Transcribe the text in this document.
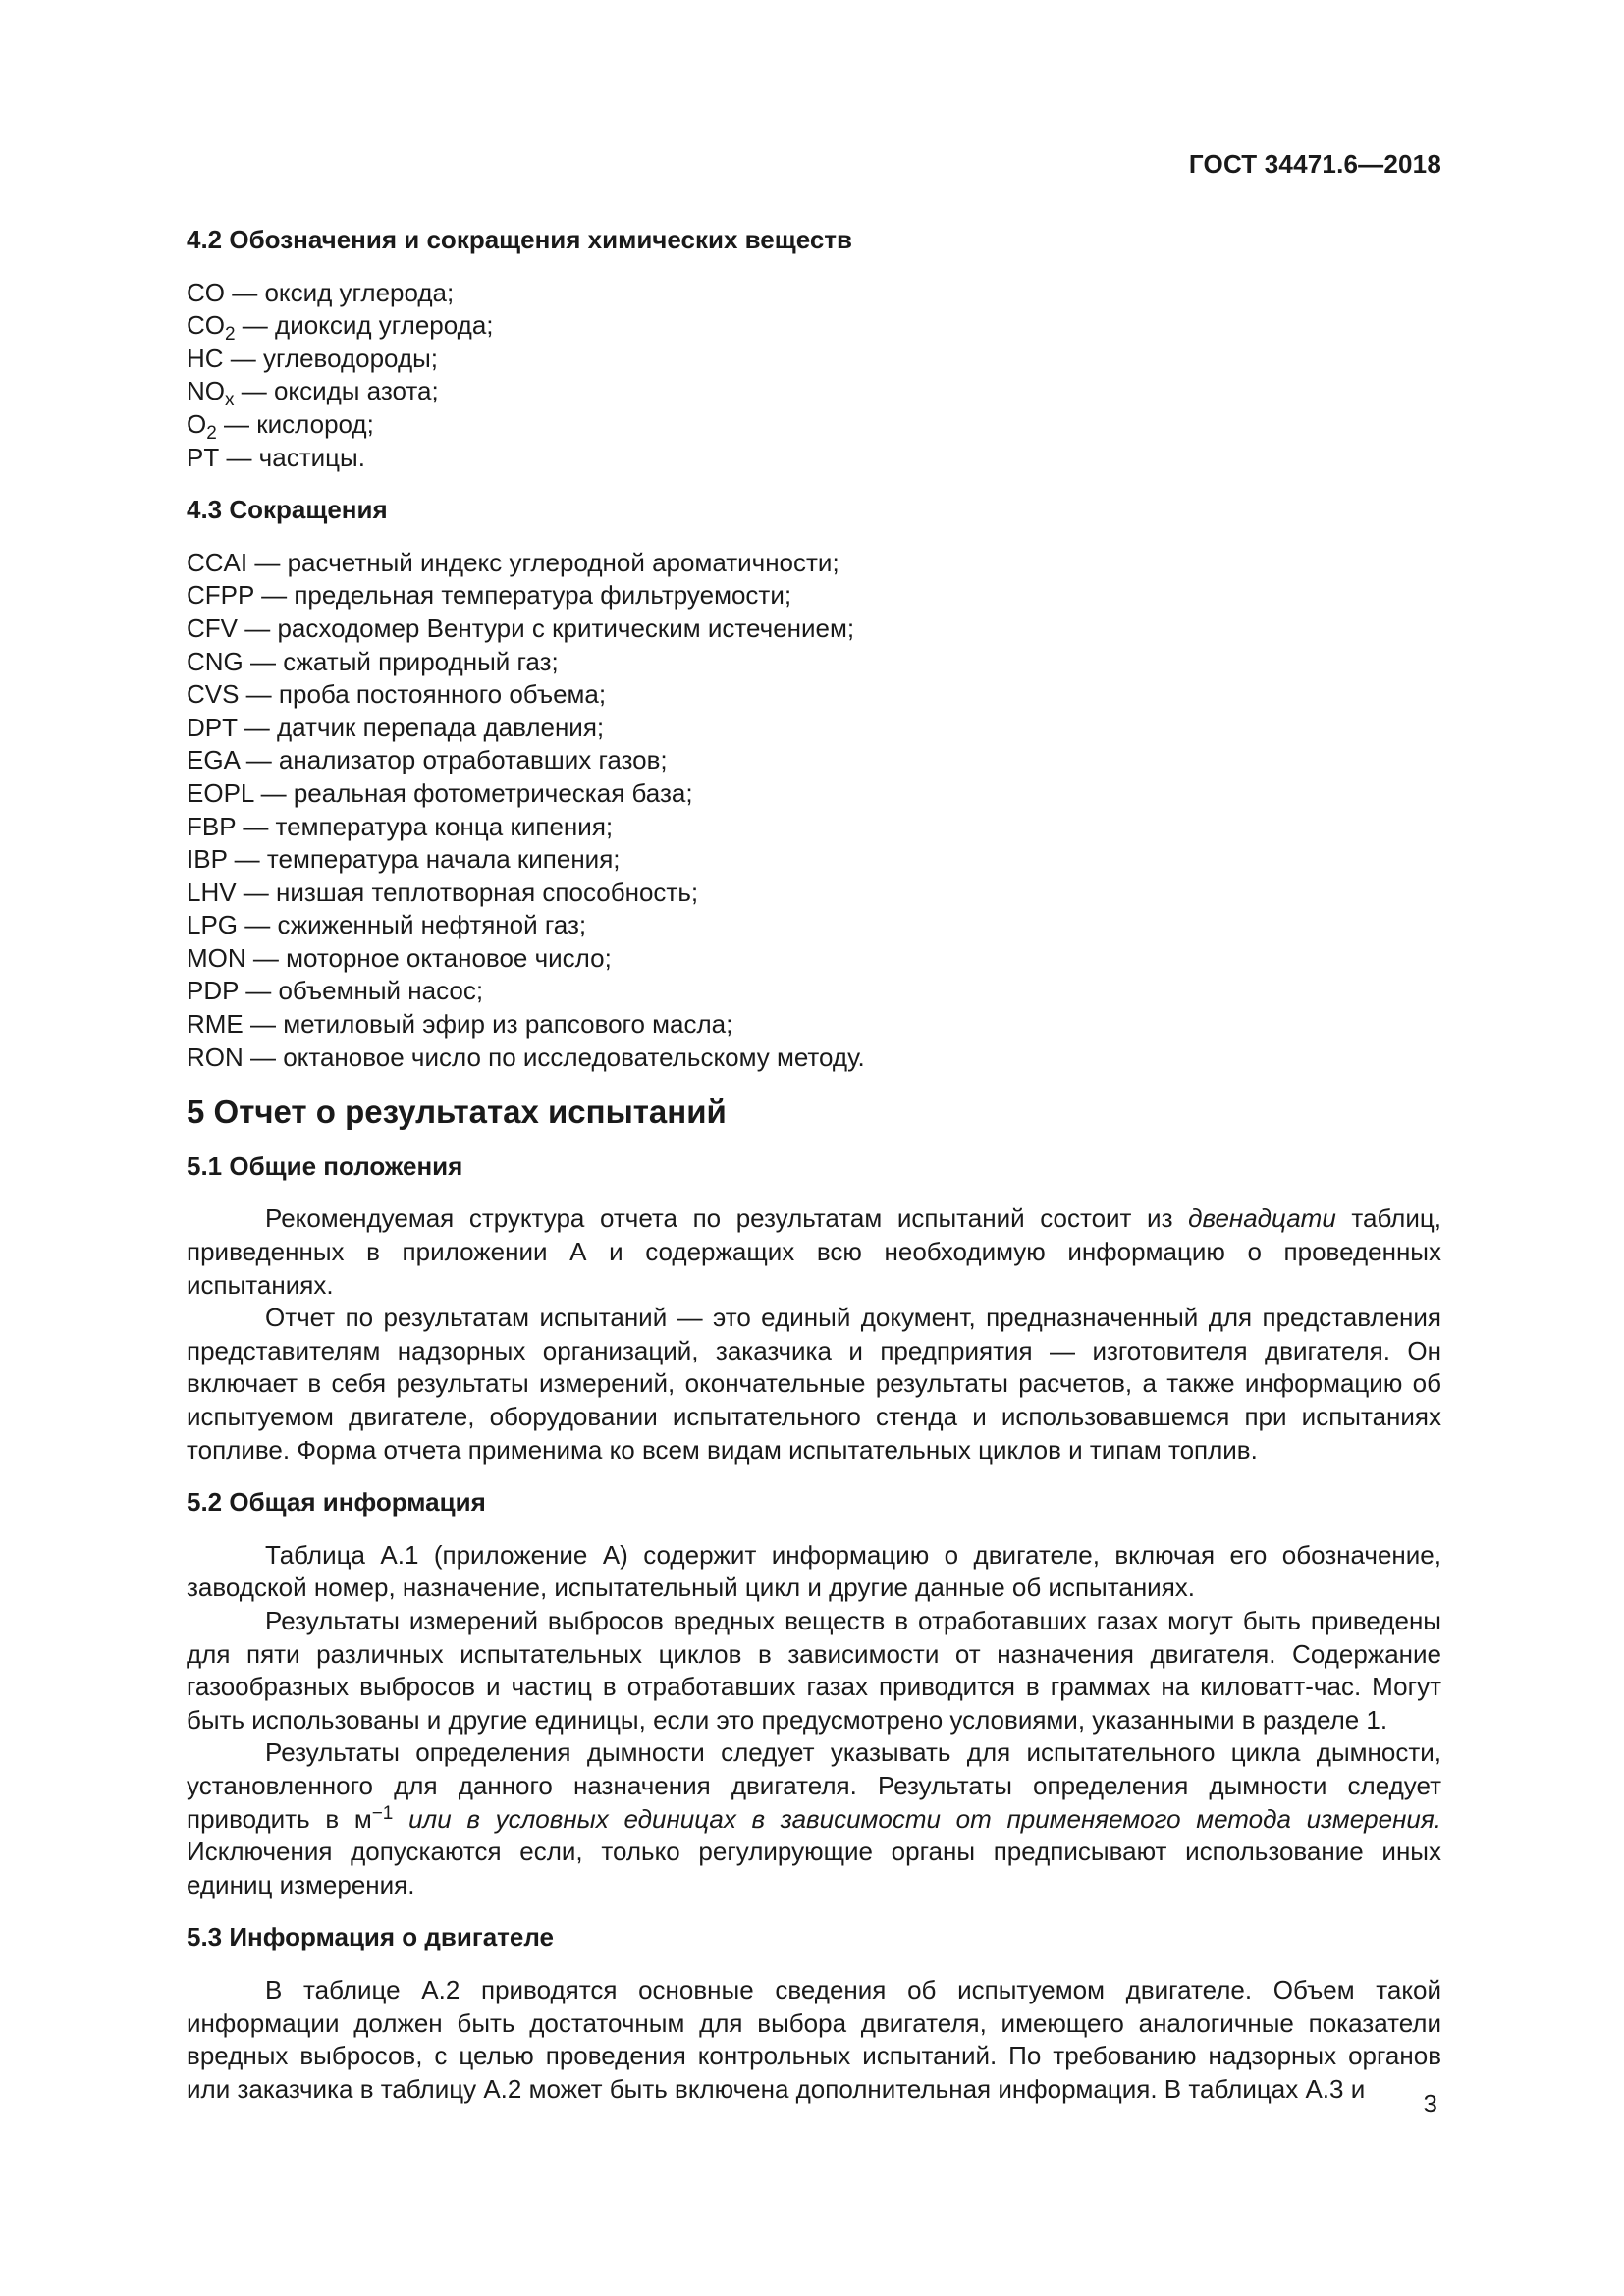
ГОСТ 34471.6—2018
4.2 Обозначения и сокращения химических веществ
CO — оксид углерода;
$CO_2$ — диоксид углерода;
HC — углеводороды;
$NO_x$ — оксиды азота;
$O_2$ — кислород;
PT — частицы.
4.3 Сокращения
CCAI — расчетный индекс углеродной ароматичности;
CFPP — предельная температура фильтруемости;
CFV — расходомер Вентури с критическим истечением;
CNG — сжатый природный газ;
CVS — проба постоянного объема;
DPT — датчик перепада давления;
EGA — анализатор отработавших газов;
EOPL — реальная фотометрическая база;
FBP — температура конца кипения;
IBP — температура начала кипения;
LHV — низшая теплотворная способность;
LPG — сжиженный нефтяной газ;
MON — моторное октановое число;
PDP — объемный насос;
RME — метиловый эфир из рапсового масла;
RON — октановое число по исследовательскому методу.
5 Отчет о результатах испытаний
5.1 Общие положения

Рекомендуемая структура отчета по результатам испытаний состоит из двенадцати таблиц, приведенных в приложении А и содержащих всю необходимую информацию о проведенных испытаниях.

Отчет по результатам испытаний — это единый документ, предназначенный для представления представителям надзорных организаций, заказчика и предприятия — изготовителя двигателя. Он включает в себя результаты измерений, окончательные результаты расчетов, а также информацию об испытуемом двигателе, оборудовании испытательного стенда и использовавшемся при испытаниях топливе. Форма отчета применима ко всем видам испытательных циклов и типам топлив.

5.2 Общая информация

Таблица А.1 (приложение А) содержит информацию о двигателе, включая его обозначение, заводской номер, назначение, испытательный цикл и другие данные об испытаниях.

Результаты измерений выбросов вредных веществ в отработавших газах могут быть приведены для пяти различных испытательных циклов в зависимости от назначения двигателя. Содержание газообразных выбросов и частиц в отработавших газах приводится в граммах на киловатт-час. Могут быть использованы и другие единицы, если это предусмотрено условиями, указанными в разделе 1.

Результаты определения дымности следует указывать для испытательного цикла дымности, установленного для данного назначения двигателя. Результаты определения дымности следует приводить в $м^{-1}$ или в условных единицах в зависимости от применяемого метода измерения. Исключения допускаются если, только регулирующие органы предписывают использование иных единиц измерения.

5.3 Информация о двигателе

В таблице А.2 приводятся основные сведения об испытуемом двигателе. Объем такой информации должен быть достаточным для выбора двигателя, имеющего аналогичные показатели вредных выбросов, с целью проведения контрольных испытаний. По требованию надзорных органов или заказчика в таблицу А.2 может быть включена дополнительная информация. В таблицах А.3 и

3
